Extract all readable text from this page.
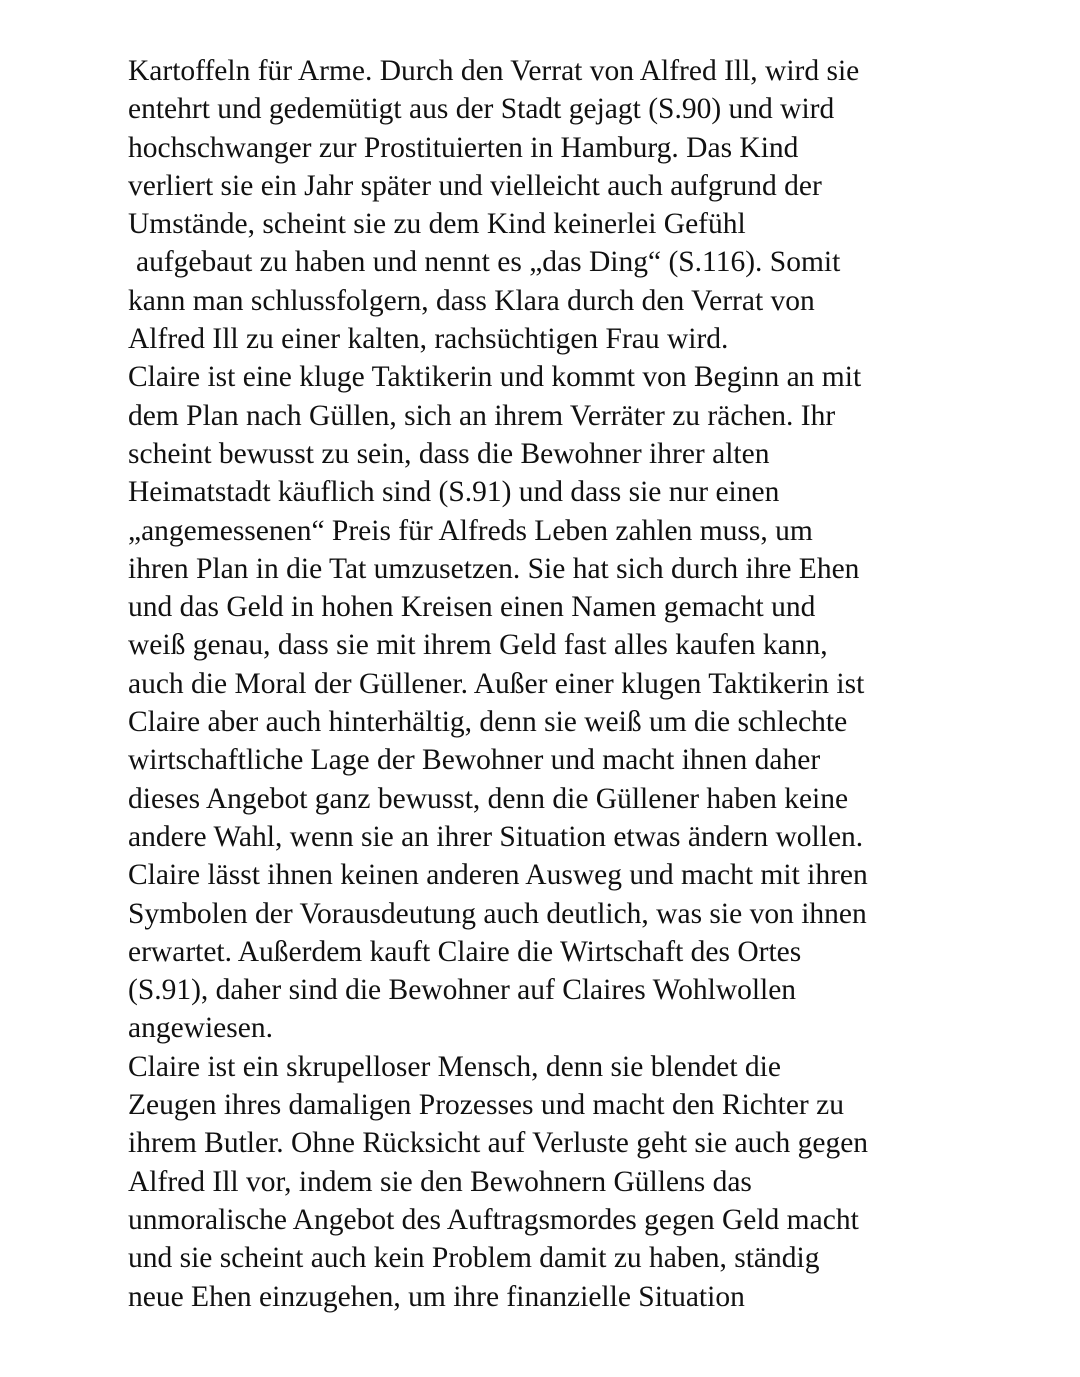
Kartoffeln für Arme. Durch den Verrat von Alfred Ill, wird sie
entehrt und gedemütigt aus der Stadt gejagt (S.90) und wird
hochschwanger zur Prostituierten in Hamburg. Das Kind
verliert sie ein Jahr später und vielleicht auch aufgrund der
Umstände, scheint sie zu dem Kind keinerlei Gefühl
aufgebaut zu haben und nennt es „das Ding“ (S.116). Somit
kann man schlussfolgern, dass Klara durch den Verrat von
Alfred Ill zu einer kalten, rachsüchtigen Frau wird.
Claire ist eine kluge Taktikerin und kommt von Beginn an mit
dem Plan nach Güllen, sich an ihrem Verräter zu rächen. Ihr
scheint bewusst zu sein, dass die Bewohner ihrer alten
Heimatstadt käuflich sind (S.91) und dass sie nur einen
„angemessenen“ Preis für Alfreds Leben zahlen muss, um
ihren Plan in die Tat umzusetzen. Sie hat sich durch ihre Ehen
und das Geld in hohen Kreisen einen Namen gemacht und
weiß genau, dass sie mit ihrem Geld fast alles kaufen kann,
auch die Moral der Güllener. Außer einer klugen Taktikerin ist
Claire aber auch hinterhältig, denn sie weiß um die schlechte
wirtschaftliche Lage der Bewohner und macht ihnen daher
dieses Angebot ganz bewusst, denn die Güllener haben keine
andere Wahl, wenn sie an ihrer Situation etwas ändern wollen.
Claire lässt ihnen keinen anderen Ausweg und macht mit ihren
Symbolen der Vorausdeutung auch deutlich, was sie von ihnen
erwartet. Außerdem kauft Claire die Wirtschaft des Ortes
(S.91), daher sind die Bewohner auf Claires Wohlwollen
angewiesen.
Claire ist ein skrupelloser Mensch, denn sie blendet die
Zeugen ihres damaligen Prozesses und macht den Richter zu
ihrem Butler. Ohne Rücksicht auf Verluste geht sie auch gegen
Alfred Ill vor, indem sie den Bewohnern Güllens das
unmoralische Angebot des Auftragsmordes gegen Geld macht
und sie scheint auch kein Problem damit zu haben, ständig
neue Ehen einzugehen, um ihre finanzielle Situation
